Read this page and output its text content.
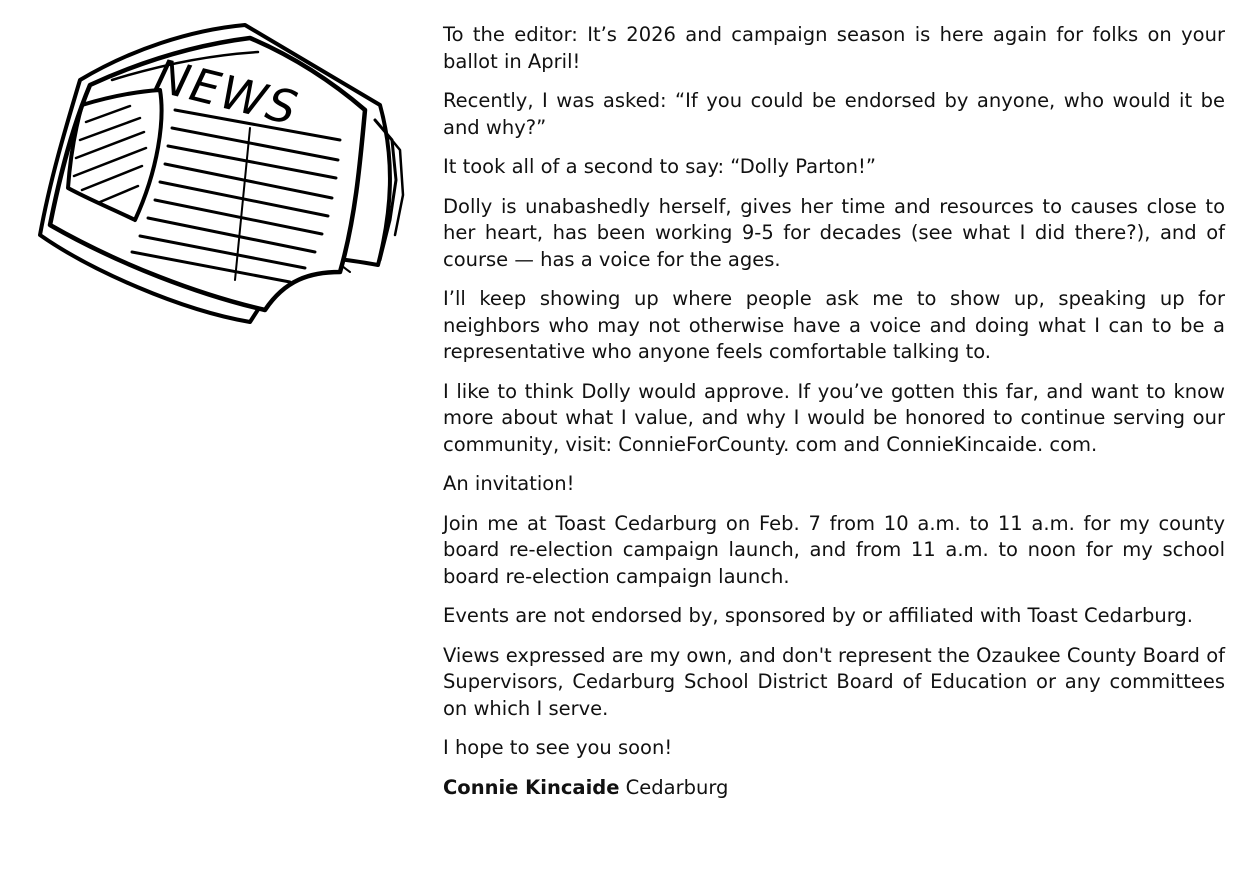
NEWS

To the editor: It’s 2026 and campaign season is here again for folks on your ballot in April!

Recently, I was asked: “If you could be endorsed by anyone, who would it be and why?”

It took all of a second to say: “Dolly Parton!”

Dolly is unabashedly herself, gives her time and resources to causes close to her heart, has been working 9-5 for decades (see what I did there?), and of course — has a voice for the ages.

I’ll keep showing up where people ask me to show up, speaking up for neighbors who may not otherwise have a voice and doing what I can to be a representative who anyone feels comfortable talking to.

I like to think Dolly would approve. If you’ve gotten this far, and want to know more about what I value, and why I would be honored to continue serving our community, visit: ConnieForCounty. com and ConnieKincaide. com.

An invitation!

Join me at Toast Cedarburg on Feb. 7 from 10 a.m. to 11 a.m. for my county board re-election campaign launch, and from 11 a.m. to noon for my school board re-election campaign launch.

Events are not endorsed by, sponsored by or affiliated with Toast Cedarburg.

Views expressed are my own, and don't represent the Ozaukee County Board of Supervisors, Cedarburg School District Board of Education or any committees on which I serve.

I hope to see you soon!

Connie Kincaide Cedarburg
